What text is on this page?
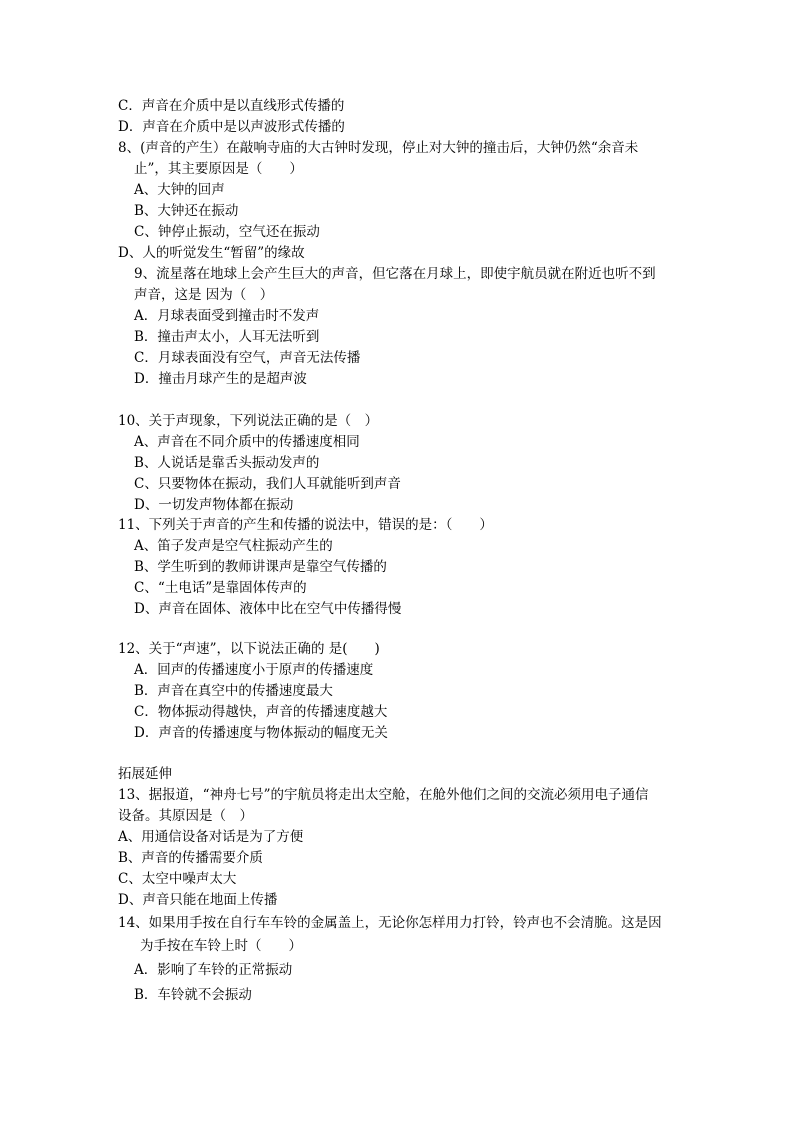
C．声音在介质中是以直线形式传播的
D．声音在介质中是以声波形式传播的
8、(声音的产生）在敲响寺庙的大古钟时发现，停止对大钟的撞击后，大钟仍然“余音未
止”，其主要原因是（　　）
A、大钟的回声
B、大钟还在振动
C、钟停止振动，空气还在振动
D、人的听觉发生“暂留”的缘故
9、流星落在地球上会产生巨大的声音，但它落在月球上，即使宇航员就在附近也听不到
声音，这是 因为（　）
A．月球表面受到撞击时不发声
B．撞击声太小，人耳无法听到
C．月球表面没有空气，声音无法传播
D．撞击月球产生的是超声波
10、关于声现象，下列说法正确的是（　）
A、声音在不同介质中的传播速度相同
B、人说话是靠舌头振动发声的
C、只要物体在振动，我们人耳就能听到声音
D、一切发声物体都在振动
11、下列关于声音的产生和传播的说法中，错误的是：（　　）
A、笛子发声是空气柱振动产生的
B、学生听到的教师讲课声是靠空气传播的
C、“土电话”是靠固体传声的
D、声音在固体、液体中比在空气中传播得慢
12、关于“声速”，以下说法正确的 是(　　)
A．回声的传播速度小于原声的传播速度
B．声音在真空中的传播速度最大
C．物体振动得越快，声音的传播速度越大
D．声音的传播速度与物体振动的幅度无关
拓展延伸
13、据报道，“神舟七号”的宇航员将走出太空舱，在舱外他们之间的交流必须用电子通信
设备。其原因是（　）
A、用通信设备对话是为了方便
B、声音的传播需要介质
C、太空中噪声太大
D、声音只能在地面上传播
14、如果用手按在自行车车铃的金属盖上，无论你怎样用力打铃，铃声也不会清脆。这是因
为手按在车铃上时（　　）
A．影响了车铃的正常振动
B．车铃就不会振动
